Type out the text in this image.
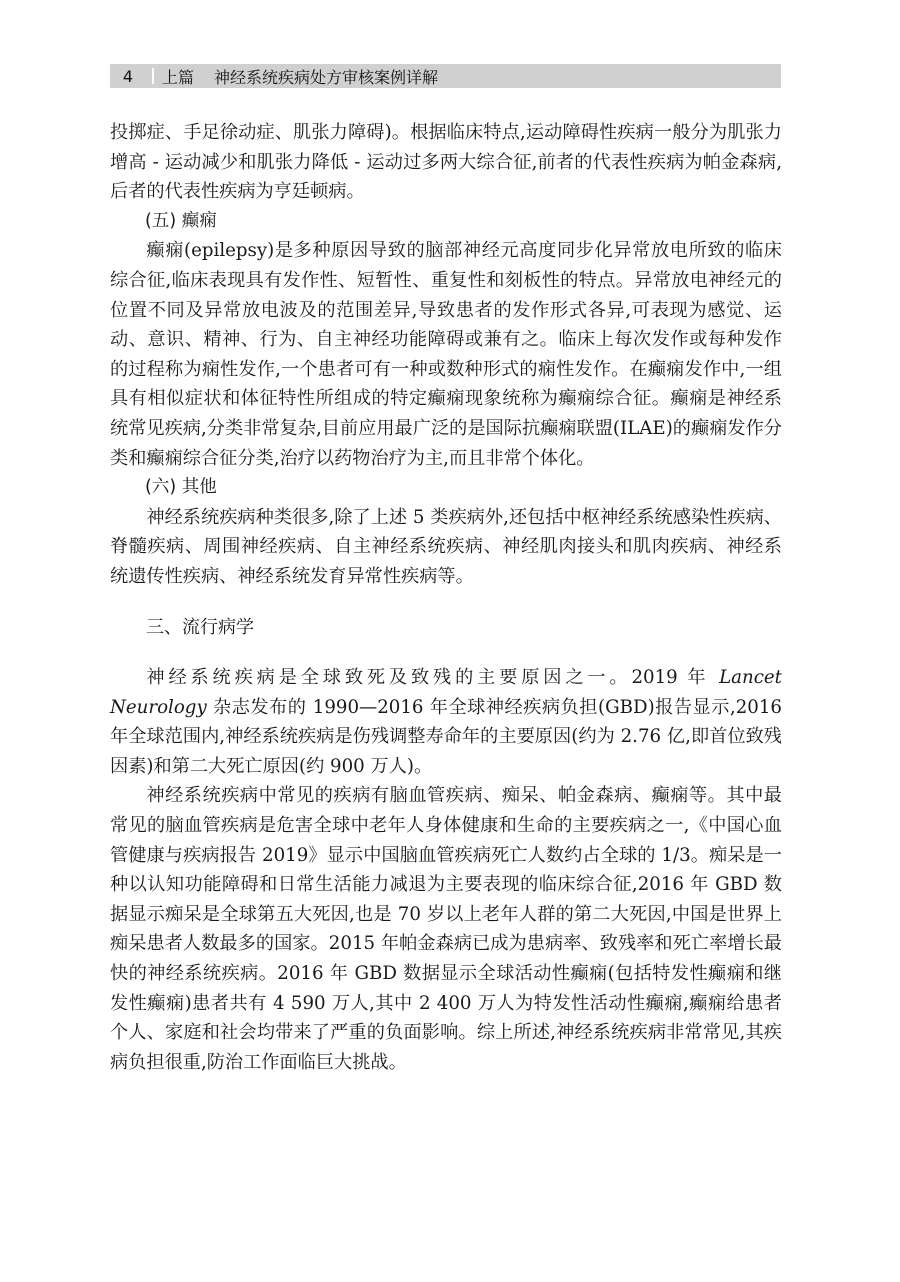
4	上篇 神经系统疾病处方审核案例详解

投掷症、手足徐动症、肌张力障碍)。根据临床特点,运动障碍性疾病一般分为肌张力增高 - 运动减少和肌张力降低 - 运动过多两大综合征,前者的代表性疾病为帕金森病,后者的代表性疾病为亨廷顿病。

(五) 癫痫

癫痫(epilepsy)是多种原因导致的脑部神经元高度同步化异常放电所致的临床综合征,临床表现具有发作性、短暂性、重复性和刻板性的特点。异常放电神经元的位置不同及异常放电波及的范围差异,导致患者的发作形式各异,可表现为感觉、运动、意识、精神、行为、自主神经功能障碍或兼有之。临床上每次发作或每种发作的过程称为痫性发作,一个患者可有一种或数种形式的痫性发作。在癫痫发作中,一组具有相似症状和体征特性所组成的特定癫痫现象统称为癫痫综合征。癫痫是神经系统常见疾病,分类非常复杂,目前应用最广泛的是国际抗癫痫联盟(ILAE)的癫痫发作分类和癫痫综合征分类,治疗以药物治疗为主,而且非常个体化。

(六) 其他

神经系统疾病种类很多,除了上述 5 类疾病外,还包括中枢神经系统感染性疾病、脊髓疾病、周围神经疾病、自主神经系统疾病、神经肌肉接头和肌肉疾病、神经系统遗传性疾病、神经系统发育异常性疾病等。

三、流行病学

神经系统疾病是全球致死及致残的主要原因之一。2019 年 Lancet Neurology 杂志发布的 1990—2016 年全球神经疾病负担(GBD)报告显示,2016 年全球范围内,神经系统疾病是伤残调整寿命年的主要原因(约为 2.76 亿,即首位致残因素)和第二大死亡原因(约 900 万人)。

神经系统疾病中常见的疾病有脑血管疾病、痴呆、帕金森病、癫痫等。其中最常见的脑血管疾病是危害全球中老年人身体健康和生命的主要疾病之一,《中国心血管健康与疾病报告 2019》显示中国脑血管疾病死亡人数约占全球的 1/3。痴呆是一种以认知功能障碍和日常生活能力减退为主要表现的临床综合征,2016 年 GBD 数据显示痴呆是全球第五大死因,也是 70 岁以上老年人群的第二大死因,中国是世界上痴呆患者人数最多的国家。2015 年帕金森病已成为患病率、致残率和死亡率增长最快的神经系统疾病。2016 年 GBD 数据显示全球活动性癫痫(包括特发性癫痫和继发性癫痫)患者共有 4 590 万人,其中 2 400 万人为特发性活动性癫痫,癫痫给患者个人、家庭和社会均带来了严重的负面影响。综上所述,神经系统疾病非常常见,其疾病负担很重,防治工作面临巨大挑战。
